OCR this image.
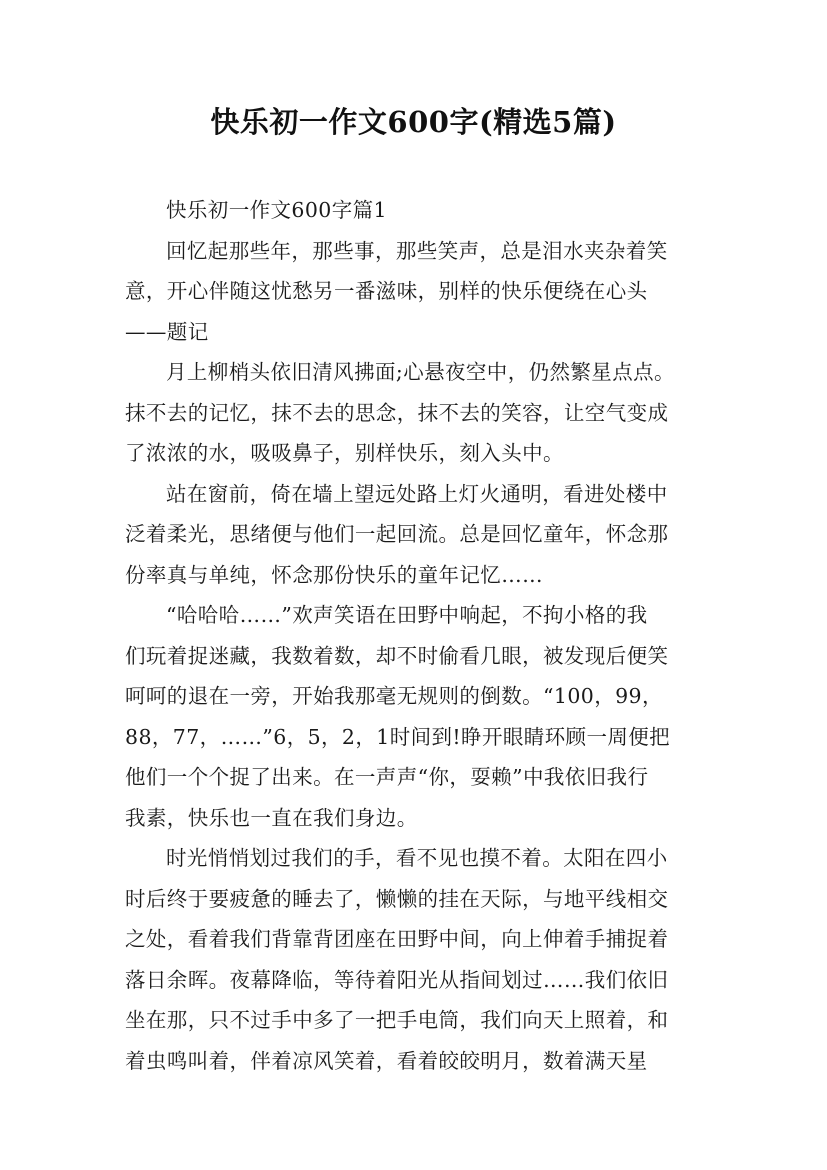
快乐初一作文600字(精选5篇)
快乐初一作文600字篇1
回忆起那些年，那些事，那些笑声，总是泪水夹杂着笑
意，开心伴随这忧愁另一番滋味，别样的快乐便绕在心头
——题记
月上柳梢头依旧清风拂面;心悬夜空中，仍然繁星点点。
抹不去的记忆，抹不去的思念，抹不去的笑容，让空气变成
了浓浓的水，吸吸鼻子，别样快乐，刻入头中。
站在窗前，倚在墙上望远处路上灯火通明，看进处楼中
泛着柔光，思绪便与他们一起回流。总是回忆童年，怀念那
份率真与单纯，怀念那份快乐的童年记忆……
“哈哈哈……”欢声笑语在田野中响起，不拘小格的我
们玩着捉迷藏，我数着数，却不时偷看几眼，被发现后便笑
呵呵的退在一旁，开始我那毫无规则的倒数。“100，99，
88，77，……”6，5，2，1时间到!睁开眼睛环顾一周便把
他们一个个捉了出来。在一声声“你，耍赖”中我依旧我行
我素，快乐也一直在我们身边。
时光悄悄划过我们的手，看不见也摸不着。太阳在四小
时后终于要疲惫的睡去了，懒懒的挂在天际，与地平线相交
之处，看着我们背靠背团座在田野中间，向上伸着手捕捉着
落日余晖。夜幕降临，等待着阳光从指间划过……我们依旧
坐在那，只不过手中多了一把手电筒，我们向天上照着，和
着虫鸣叫着，伴着凉风笑着，看着皎皎明月，数着满天星
